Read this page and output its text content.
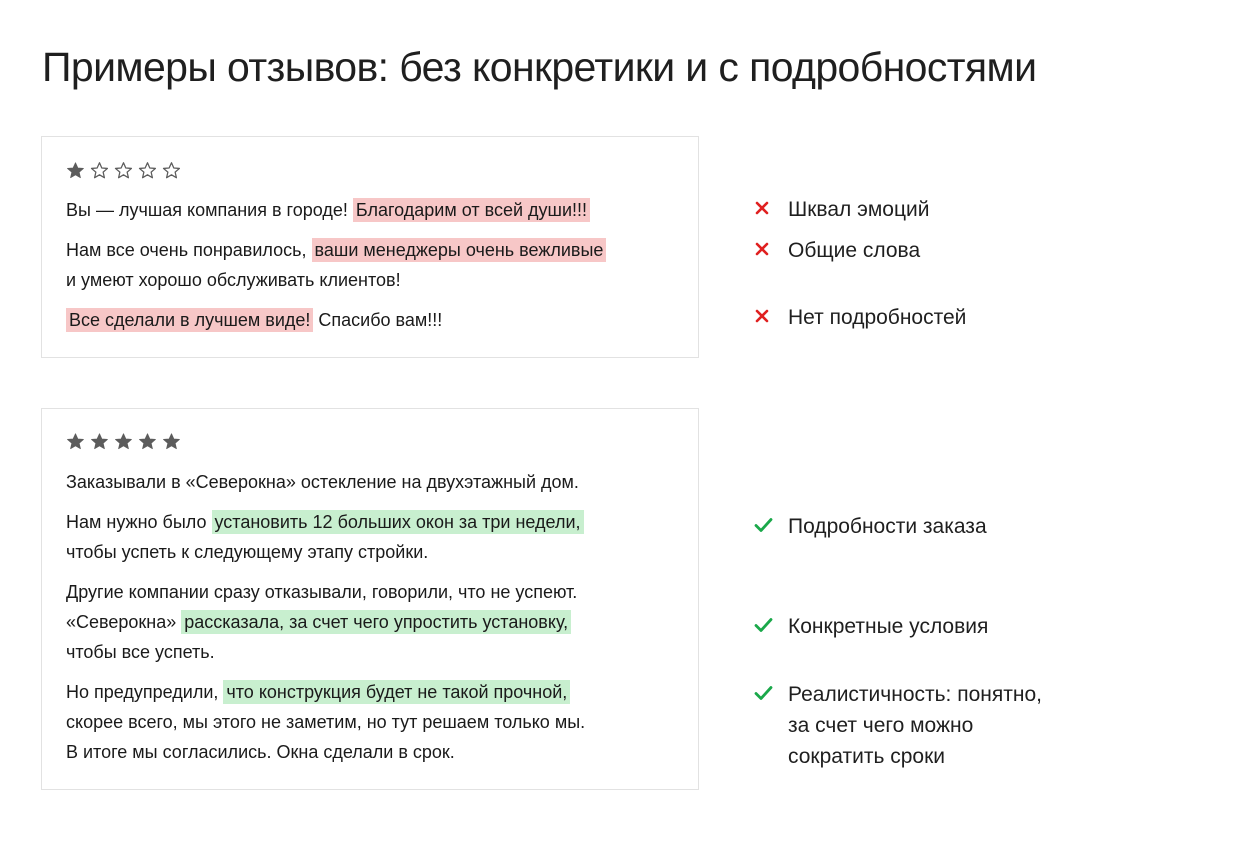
Примеры отзывов: без конкретики и с подробностями
Вы — лучшая компания в городе! Благодарим от всей души!!!
Нам все очень понравилось, ваши менеджеры очень вежливые
и умеют хорошо обслуживать клиентов!
Все сделали в лучшем виде! Спасибо вам!!!
Заказывали в «Северокна» остекление на двухэтажный дом.
Нам нужно было установить 12 больших окон за три недели,
чтобы успеть к следующему этапу стройки.
Другие компании сразу отказывали, говорили, что не успеют.
«Северокна» рассказала, за счет чего упростить установку,
чтобы все успеть.
Но предупредили, что конструкция будет не такой прочной,
скорее всего, мы этого не заметим, но тут решаем только мы.
В итоге мы согласились. Окна сделали в срок.
Шквал эмоций
Общие слова
Нет подробностей
Подробности заказа
Конкретные условия
Реалистичность: понятно,
за счет чего можно
сократить сроки
